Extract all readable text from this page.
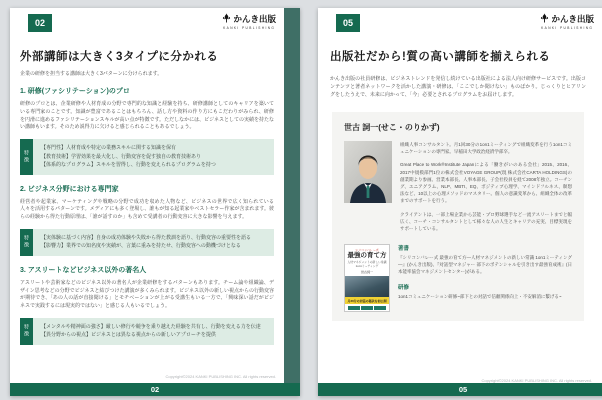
02	かんき出版
KANKI PUBLISHING
外部講師は大きく3タイプに分かれる

企業の研修を担当する講師は大きく3パターンに分けられます。

1. 研修(ファシリテーション)のプロ

研修のプロとは、企業研修や人材育成の分野で専門的な知識と経験を持ち、研修講師としてのキャリアを築いている専門家のことです。知識が豊富であることはもちろん、話し方や資料の作り方にもこだわりがみられ、研修を円滑に進めるファシリテーションスキルが高い点が特徴です。ただしなかには、ビジネスとしての実績を持たない講師もいます。そのため説得力に欠けると感じられることもあるでしょう。

特徴

【専門性】人材育成や特定の業務スキルに関する知識を保有

【教育技術】学習効果を最大化し、行動変容を促す独自の教育技術あり

【体系的なプログラム】スキルを習得し、行動を変えられるプログラムを持つ

2. ビジネス分野における専門家

経営者や起業家、マーケティングや戦略の分野で成功を収めた人物など、ビジネスの世界で広く知られている人々を活用するパターンです。メディアにも多く登場し、誰もが知る起業家やベストセラー作家が含まれます。彼らの経験から得た行動原理は、「誰が話すのか」も含めて受講者の行動変容に大きな影響を与えます。

特徴	【実体験に基づく内容】自身の成功体験や失敗から得た教訓を語り、行動変容の重要性を語る

【影響力】業界での知名度や実績が、言葉に重みを持たせ、行動変容への動機づけとなる

3. アスリートなどビジネス以外の著名人

アスリートや芸術家などのビジネス以外の著名人が企業研修をするパターンもあります。チーム論や組織論、デザイン思考などの分野でビジネスと結びつけた講演が多くみられます。ビジネス以外の新しい視点からの行動変容が期待でき、「あの人の話が直接聞ける」とモチベーションが上がる受講生もいる一方で、「興味深い話だがビジネスで実践するには現実的ではない」と感じる人もいるでしょう。

特徴	【メンタルや精神面の強さ】厳しい修行や競争を乗り越えた経験を共有し、行動を変える力を伝達

【異分野からの視点】ビジネスとは異なる視点からの新しいアプローチを提供

Copyright©2024 KANKI PUBLISHING INC. All rights reserved.
02
05	かんき出版
KANKI PUBLISHING
出版社だから!質の高い講師を揃えられる

かんき出版の社員研修は、ビジネストレンドを発信し続けている出版社による法人向け研修サービスです。出版コンテンツと著者ネットワークを活かした講演・研修は、「ここでしか聞けない」ものばかり。じっくりとヒアリングをしたうえで、未来に向かって、「今」必要とされるプログラムをお届けします。

世古 詞一(せこ・のりかず)

組織人事コンサルタント。月1回30分の1on1ミーティングで組織変革を行う1on1コミュニケーションの専門家。早稲田大学政治経済学部卒。

Great Place to Work®Institute Japanによる「働きがいのある会社」2015、2016、2017中規模部門1位の株式会社VOYAGE GROUP(現 株式会社CARTA HOLDINGS)の創業期より参画。営業本部長、人事本部長、子会社役員を経て2008年独立。コーチング、エニアグラム、NLP、MBTI、EQ、ポジティブ心理学、マインドフルネス、瞑想法など、10以上の心理メソッドのマスタリー。個人の意識変革から、組織全体の改革までのサポートを行う。

クライアントは、一部上場企業から芸能・プロ野球選手など一流アスリートまでと幅広く、コーチ・コンサルタントとして様々な人の人生とキャリアの充実、目標実現をサポートしている。

シリコンバレー式
最強の育て方
人材マネジメントの新しい常識 1on1ミーティング
世古詞一
月30分の対話の秘訣を初公開

著書

『シリコンバレー式 最強の育て方―人材マネジメントの新しい常識 1on1ミーティング―』(かんき出版)、『対話型マネジャー 部下のポテンシャルを引き出す最強育成術』(日本能率協会マネジメントセンター)がある。

研修

1on1コミュニケーション研修~部下との対話で信頼関係向上・不安解消に繋げる~

Copyright©2024 KANKI PUBLISHING INC. All rights reserved.
05
